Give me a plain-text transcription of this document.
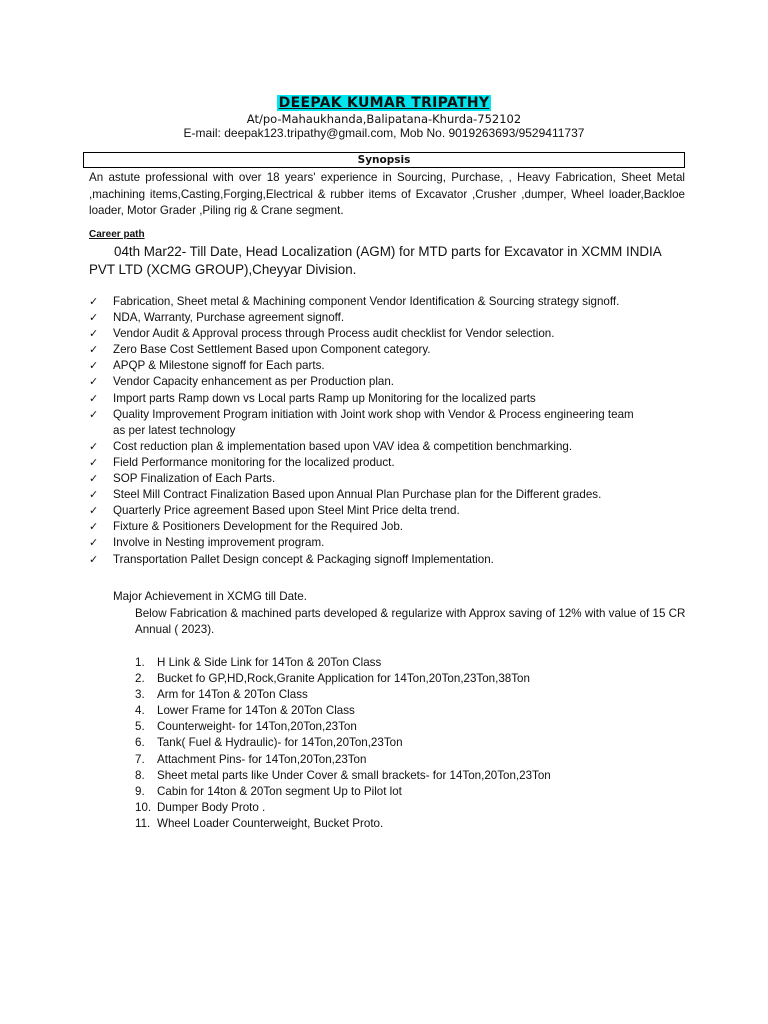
DEEPAK KUMAR TRIPATHY
At/po-Mahaukhanda,Balipatana-Khurda-752102
E-mail: deepak123.tripathy@gmail.com, Mob No. 9019263693/9529411737
Synopsis
An astute professional with over 18 years' experience in Sourcing, Purchase, , Heavy Fabrication, Sheet Metal ,machining items,Casting,Forging,Electrical & rubber items of Excavator ,Crusher ,dumper, Wheel loader,Backloe loader, Motor Grader ,Piling rig & Crane segment.
Career path
04th Mar22- Till Date, Head Localization (AGM) for MTD parts for Excavator in XCMM INDIA PVT LTD (XCMG GROUP),Cheyyar Division.
✓ Fabrication, Sheet metal & Machining component Vendor Identification & Sourcing strategy signoff.
✓ NDA, Warranty, Purchase agreement signoff.
✓ Vendor Audit & Approval process through Process audit checklist for Vendor selection.
✓ Zero Base Cost Settlement Based upon Component category.
✓ APQP & Milestone signoff for Each parts.
✓ Vendor Capacity enhancement as per Production plan.
✓ Import parts Ramp down vs Local parts Ramp up Monitoring for the localized parts
✓ Quality Improvement Program initiation with Joint work shop with Vendor & Process engineering team as per latest technology
✓ Cost reduction plan & implementation based upon VAV idea & competition benchmarking.
✓ Field Performance monitoring for the localized product.
✓ SOP Finalization of Each Parts.
✓ Steel Mill Contract Finalization Based upon Annual Plan Purchase plan for the Different grades.
✓ Quarterly Price agreement Based upon Steel Mint Price delta trend.
✓ Fixture & Positioners Development for the Required Job.
✓ Involve in Nesting improvement program.
✓ Transportation Pallet Design concept & Packaging signoff Implementation.
Major Achievement in XCMG till Date.
Below Fabrication & machined parts developed & regularize with Approx saving of 12% with value of 15 CR Annual ( 2023).
1. H Link & Side Link for 14Ton & 20Ton Class
2. Bucket fo GP,HD,Rock,Granite Application for 14Ton,20Ton,23Ton,38Ton
3. Arm for 14Ton & 20Ton Class
4. Lower Frame for 14Ton & 20Ton Class
5. Counterweight- for 14Ton,20Ton,23Ton
6. Tank( Fuel & Hydraulic)- for 14Ton,20Ton,23Ton
7. Attachment Pins- for 14Ton,20Ton,23Ton
8. Sheet metal parts like Under Cover & small brackets- for 14Ton,20Ton,23Ton
9. Cabin for 14ton & 20Ton segment Up to Pilot lot
10. Dumper Body Proto .
11. Wheel Loader Counterweight, Bucket Proto.
